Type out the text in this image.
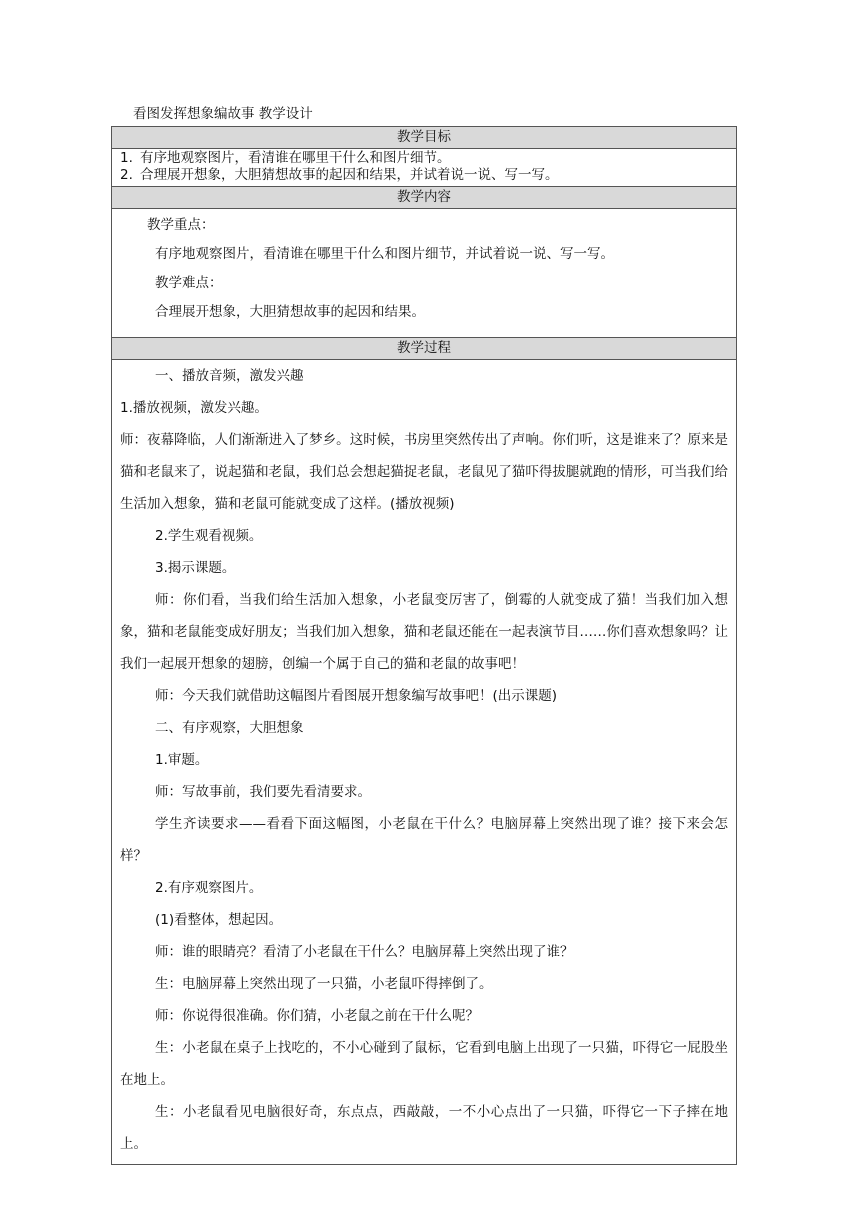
看图发挥想象编故事 教学设计
教学目标

1. 有序地观察图片，看清谁在哪里干什么和图片细节。
2. 合理展开想象，大胆猜想故事的起因和结果，并试着说一说、写一写。

教学内容

教学重点：

有序地观察图片，看清谁在哪里干什么和图片细节，并试着说一说、写一写。

教学难点：

合理展开想象，大胆猜想故事的起因和结果。

教学过程

一、播放音频，激发兴趣

1.播放视频，激发兴趣。

师：夜幕降临，人们渐渐进入了梦乡。这时候，书房里突然传出了声响。你们听，这是谁来了？原来是猫和老鼠来了，说起猫和老鼠，我们总会想起猫捉老鼠，老鼠见了猫吓得拔腿就跑的情形，可当我们给生活加入想象，猫和老鼠可能就变成了这样。(播放视频)

2.学生观看视频。

3.揭示课题。

师：你们看，当我们给生活加入想象，小老鼠变厉害了，倒霉的人就变成了猫！当我们加入想象，猫和老鼠能变成好朋友；当我们加入想象，猫和老鼠还能在一起表演节目……你们喜欢想象吗？让我们一起展开想象的翅膀，创编一个属于自己的猫和老鼠的故事吧！

师：今天我们就借助这幅图片看图展开想象编写故事吧！(出示课题)

二、有序观察，大胆想象

1.审题。

师：写故事前，我们要先看清要求。

学生齐读要求——看看下面这幅图，小老鼠在干什么？电脑屏幕上突然出现了谁？接下来会怎样？

2.有序观察图片。

(1)看整体，想起因。

师：谁的眼睛亮？看清了小老鼠在干什么？电脑屏幕上突然出现了谁？

生：电脑屏幕上突然出现了一只猫，小老鼠吓得摔倒了。

师：你说得很准确。你们猜，小老鼠之前在干什么呢？

生：小老鼠在桌子上找吃的，不小心碰到了鼠标，它看到电脑上出现了一只猫，吓得它一屁股坐在地上。

生：小老鼠看见电脑很好奇，东点点，西敲敲，一不小心点出了一只猫，吓得它一下子摔在地上。
